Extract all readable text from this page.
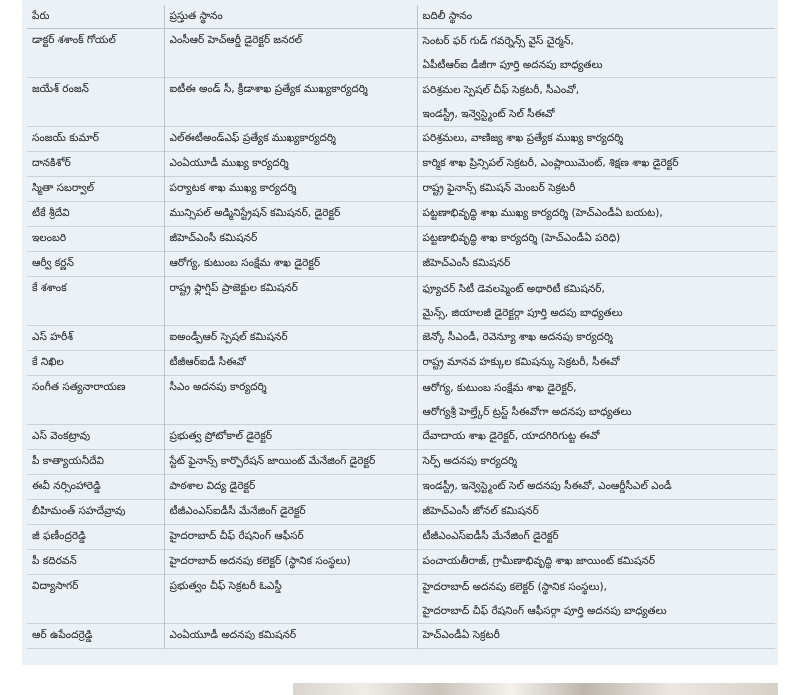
పేరు	ప్రస్తుత స్థానం	బదిలీ స్థానం
డాక్టర్ శశాంక్ గోయల్	ఎంసీఆర్ హెచ్ఆర్డీ డైరెక్టర్ జనరల్	సెంటర్ ఫర్ గుడ్ గవర్నెన్స్ వైస్ చైర్మన్,
ఏపీటీఆర్ఐ డీజీగా పూర్తి అదనపు బాధ్యతలు

జయేశ్ రంజన్	ఐటీఈ అండ్ సీ, క్రీడాశాఖ ప్రత్యేక ముఖ్యకార్యదర్శి	పరిశ్రమల స్పెషల్ చీఫ్ సెక్రటరీ, సీఎంవో,
ఇండస్ట్రీ, ఇన్వెస్ట్మెంట్ సెల్ సీఈవో

సంజయ్ కుమార్	ఎల్ఈటీఅండ్ఎఫ్ ప్రత్యేక ముఖ్యకార్యదర్శి	పరిశ్రమలు, వాణిజ్య శాఖ ప్రత్యేక ముఖ్య కార్యదర్శి

దానకిశోర్	ఎంఏయూడీ ముఖ్య కార్యదర్శి	కార్మిక శాఖ ప్రిన్సిపల్ సెక్రటరీ, ఎంప్లాయిమెంట్, శిక్షణ శాఖ డైరెక్టర్

స్మితా సబర్వాల్	పర్యాటక శాఖ ముఖ్య కార్యదర్శి	రాష్ట్ర ఫైనాన్స్ కమిషన్ మెంబర్ సెక్రటరీ

టీకే శ్రీదేవి	మున్సిపల్ అడ్మినిస్ట్రేషన్ కమిషనర్, డైరెక్టర్	పట్టణాభివృద్ధి శాఖ ముఖ్య కార్యదర్శి (హెచ్ఎండీఏ బయట),

ఇలంబరి	జీహెచ్ఎంసీ కమిషనర్	పట్టణాభివృద్ధి శాఖ కార్యదర్శి (హెచ్ఎండీఏ పరిధి)

ఆర్వీ కర్ణన్	ఆరోగ్య, కుటుంబ సంక్షేమ శాఖ డైరెక్టర్	జీహెచ్ఎంసీ కమిషనర్

కే శశాంక	రాష్ట్ర ఫ్లాగ్షిప్ ప్రాజెక్టుల కమిషనర్	ఫ్యూచర్ సిటీ డెవలప్మెంట్ అథారిటీ కమిషనర్,
మైన్స్, జియాలజీ డైరెక్టర్గా పూర్తి అదపు బాధ్యతలు

ఎస్ హరీశ్	ఐఅండ్పీఆర్ స్పెషల్ కమిషనర్	జెన్కో సీఎండీ, రెవెన్యూ శాఖ అదనపు కార్యదర్శి

కే నిఖిల	టీజీఆర్ఐడీ సీఈవో	రాష్ట్ర మానవ హక్కుల కమిషన్కు సెక్రటరీ, సీఈవో

సంగీత సత్యనారాయణ	సీఎం అదనపు కార్యదర్శి	ఆరోగ్య, కుటుంబ సంక్షేమ శాఖ డైరెక్టర్,
ఆరోగ్యశ్రీ హెల్త్కేర్ ట్రస్ట్ సీఈవోగా అదనపు బాధ్యతలు

ఎస్ వెంకట్రావు	ప్రభుత్వ ప్రోటోకాల్ డైరెక్టర్	దేవాదాయ శాఖ డైరెక్టర్, యాదగిరిగుట్ట ఈవో

పీ కాత్యాయనీదేవి	స్టేట్ ఫైనాన్స్ కార్పొరేషన్ జాయింట్ మేనేజింగ్ డైరెక్టర్	సెర్ప్ అదనపు కార్యదర్శి

ఈవీ నర్సింహారెడ్డి	పాఠశాల విద్య డైరెక్టర్	ఇండస్ట్రీ, ఇన్వెస్ట్మెంట్ సెల్ అదనపు సీఈవో, ఎంఆర్డీసీఎల్ ఎండీ

బీహిమంత్ సహదేవ్రావు	టీజీఎంఎస్ఐడీసీ మేనేజింగ్ డైరెక్టర్	జీహెచ్ఎంసీ జోనల్ కమిషనర్

జీ ఫణీంద్రరెడ్డి	హైదరాబాద్ చీఫ్ రేషనింగ్ ఆఫీసర్	టీజీఎంఎస్ఐడీసీ మేనేజింగ్ డైరెక్టర్

పీ కదిరవన్	హైదరాబాద్ అదనపు కలెక్టర్ (స్థానిక సంస్థలు)	పంచాయతీరాజ్, గ్రామీణాభివృద్ధి శాఖ జాయింట్ కమిషనర్

విద్యాసాగర్	ప్రభుత్వం చీఫ్ సెక్రటరీ ఓఎస్డీ	హైదరాబాద్ అదనపు కలెక్టర్ (స్థానిక సంస్థలు),
హైదరాబాద్ చీఫ్ రేషనింగ్ ఆఫీసర్గా పూర్తి అదనపు బాధ్యతలు

ఆర్ ఉపేందర్రెడ్డి	ఎంఏయూడీ అదనపు కమిషనర్	హెచ్ఎండీఏ సెక్రటరీ
